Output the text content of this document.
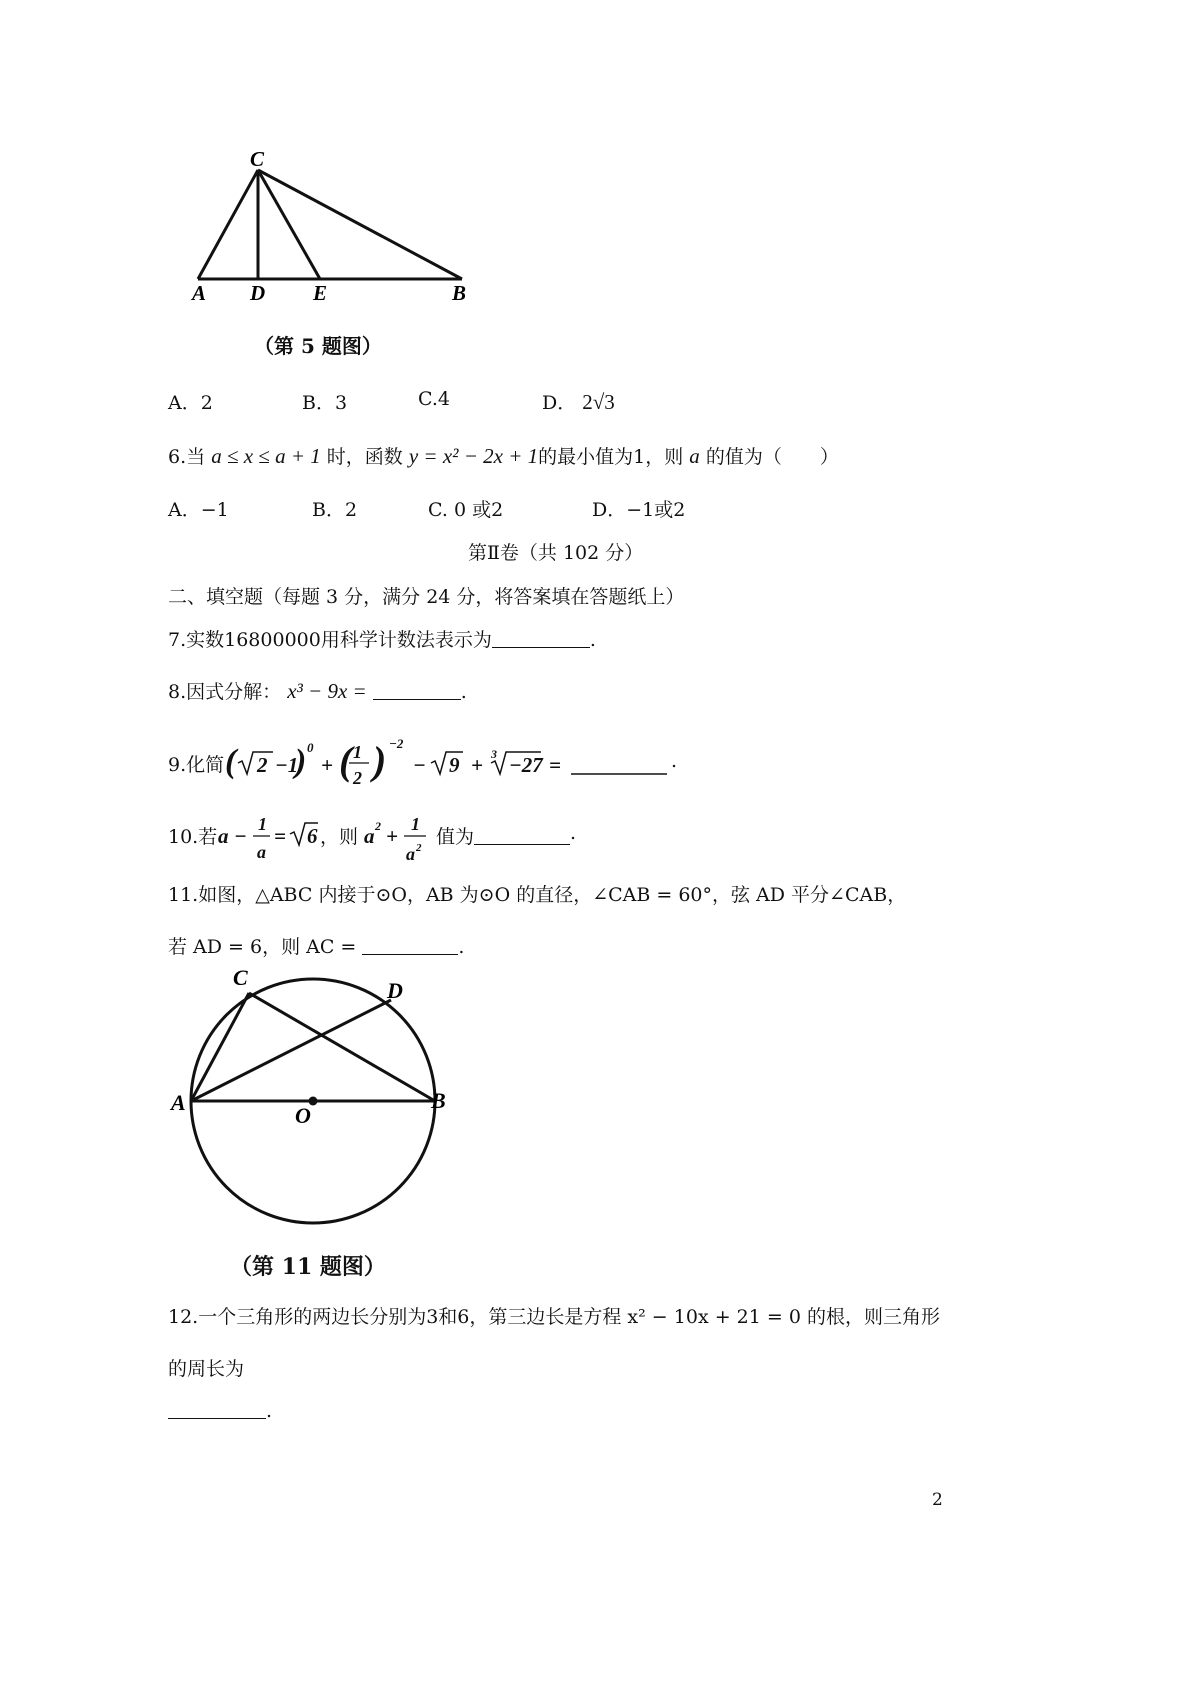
C
A D E	B
（第 5 题图）
A．2	B．3	C.4	D． 2√3
6.当 a ≤ x ≤ a + 1 时，函数 y = x² − 2x + 1的最小值为1，则 a 的值为（　　）
A．−1	B．2	C. 0 或2	D．−1或2
第Ⅱ卷（共 102 分）
二、填空题（每题 3 分，满分 24 分，将答案填在答题纸上）
7.实数16800000用科学计数法表示为	.
8.因式分解： x³ − 9x =	.
9.化简 ( 2 −1
) 0
+ ( 1
2 ) −2
− 9 + 3 −27 =	.
10.若 a − 1
a
= 6 ，则 a 2 + 1
a 2 值为	.
11.如图，△ABC 内接于⊙O，AB 为⊙O 的直径，∠CAB = 60°，弦 AD 平分∠CAB，
若 AD = 6，则 AC =	.
C
D
A	B
O
（第 11 题图）
12.一个三角形的两边长分别为3和6，第三边长是方程 x² − 10x + 21 = 0 的根，则三角形
的周长为
.
2
